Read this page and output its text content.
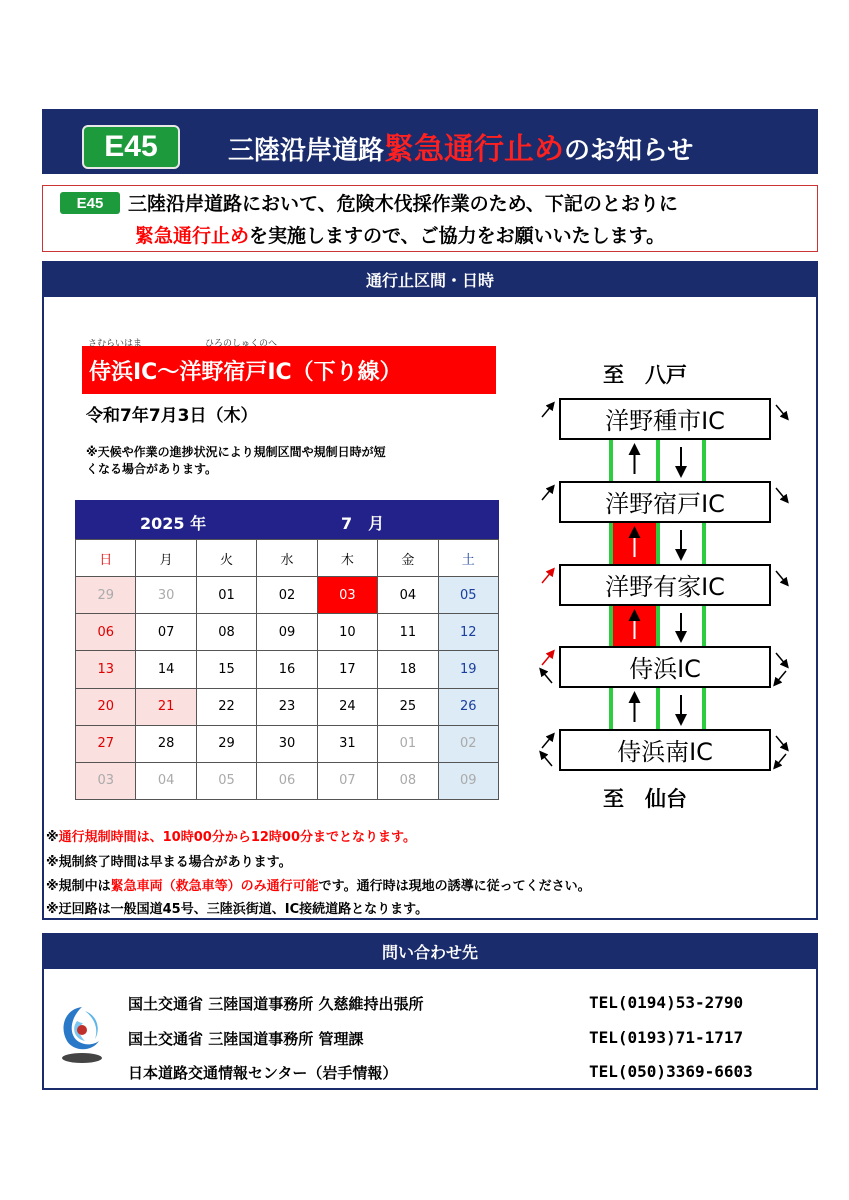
E45	三陸沿岸道路緊急通行止めのお知らせ
E45	三陸沿岸道路において、危険木伐採作業のため、下記のとおりに
緊急通行止めを実施しますので、ご協力をお願いいたします。
通行止区間・日時
さむらいはま	ひろのしゅくのへ
侍浜IC～洋野宿戸IC（下り線）
令和7年7月3日（木）
※天候や作業の進捗状況により規制区間や規制日時が短くなる場合があります。
2025 年	7　月
日	月	火	水	木	金	土
29	30	01	02	03	04	05
06	07	08	09	10	11	12
13	14	15	16	17	18	19
20	21	22	23	24	25	26
27	28	29	30	31	01	02
03	04	05	06	07	08	09
至　八戸
至　仙台
洋野種市IC
洋野宿戸IC
洋野有家IC
侍浜IC
侍浜南IC
※通行規制時間は、10時00分から12時00分までとなります。
※規制終了時間は早まる場合があります。
※規制中は緊急車両（救急車等）のみ通行可能です。通行時は現地の誘導に従ってください。
※迂回路は一般国道45号、三陸浜街道、IC接続道路となります。
問い合わせ先
国土交通省 三陸国道事務所 久慈維持出張所	TEL(0194)53-2790
国土交通省 三陸国道事務所 管理課	TEL(0193)71-1717
日本道路交通情報センター（岩手情報）	TEL(050)3369-6603
